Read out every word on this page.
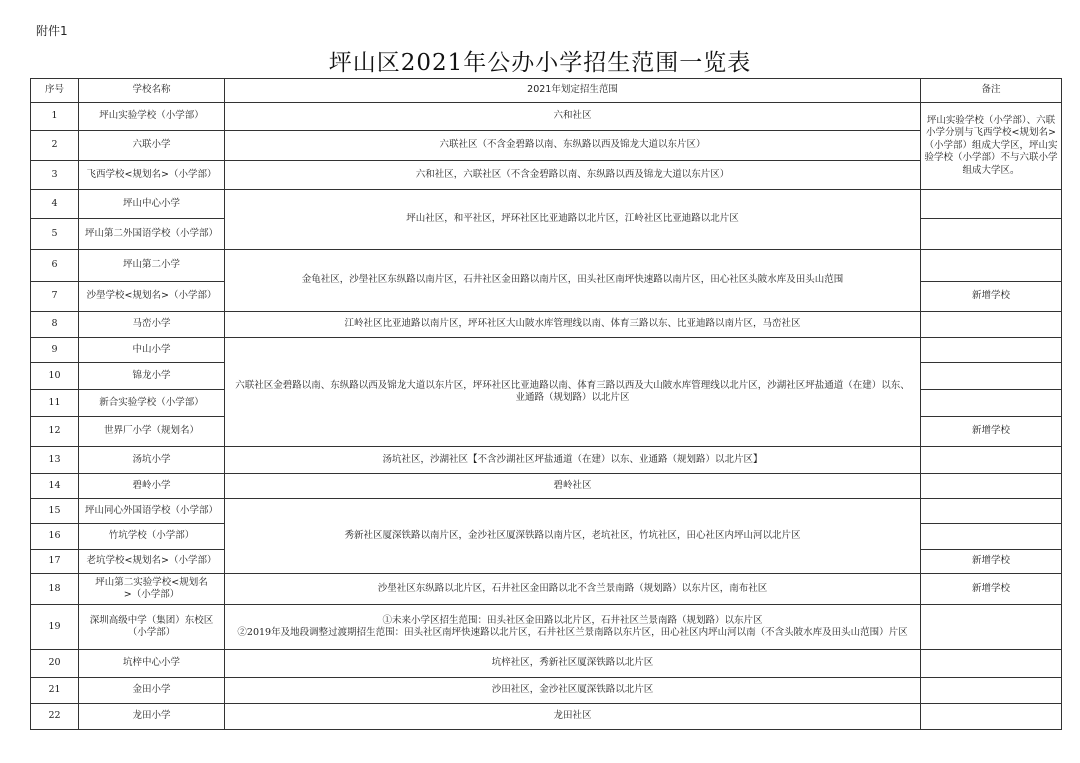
附件1
坪山区2021年公办小学招生范围一览表
序号	学校名称	2021年划定招生范围	备注
1	坪山实验学校（小学部）	六和社区	坪山实验学校（小学部）、六联小学分别与飞西学校<规划名>（小学部）组成大学区，坪山实验学校（小学部）不与六联小学组成大学区。
2	六联小学	六联社区（不含金碧路以南、东纵路以西及锦龙大道以东片区）	
3	飞西学校<规划名>（小学部）	六和社区，六联社区（不含金碧路以南、东纵路以西及锦龙大道以东片区）	
4	坪山中心小学	坪山社区，和平社区，坪环社区比亚迪路以北片区，江岭社区比亚迪路以北片区	
5	坪山第二外国语学校（小学部）		
6	坪山第二小学	金龟社区，沙壆社区东纵路以南片区，石井社区金田路以南片区，田头社区南坪快速路以南片区，田心社区头陂水库及田头山范围	
7	沙壆学校<规划名>（小学部）		新增学校
8	马峦小学	江岭社区比亚迪路以南片区，坪环社区大山陂水库管理线以南、体育三路以东、比亚迪路以南片区，马峦社区	
9	中山小学	六联社区金碧路以南、东纵路以西及锦龙大道以东片区，坪环社区比亚迪路以南、体育三路以西及大山陂水库管理线以北片区，沙湖社区坪盐通道（在建）以东、业通路（规划路）以北片区	
10	锦龙小学		
11	新合实验学校（小学部）		
12	世界厂小学（规划名）		新增学校
13	汤坑小学	汤坑社区，沙湖社区【不含沙湖社区坪盐通道（在建）以东、业通路（规划路）以北片区】	
14	碧岭小学	碧岭社区	
15	坪山同心外国语学校（小学部）	秀新社区厦深铁路以南片区，金沙社区厦深铁路以南片区，老坑社区，竹坑社区，田心社区内坪山河以北片区	
16	竹坑学校（小学部）		
17	老坑学校<规划名>（小学部）		新增学校
18	坪山第二实验学校<规划名>（小学部）	沙壆社区东纵路以北片区，石井社区金田路以北不含兰景南路（规划路）以东片区，南布社区	新增学校
19	深圳高级中学（集团）东校区（小学部）	①未来小学区招生范围：田头社区金田路以北片区，石井社区兰景南路（规划路）以东片区
②2019年及地段调整过渡期招生范围：田头社区南坪快速路以北片区，石井社区兰景南路以东片区，田心社区内坪山河以南（不含头陂水库及田头山范围）片区	
20	坑梓中心小学	坑梓社区，秀新社区厦深铁路以北片区	
21	金田小学	沙田社区，金沙社区厦深铁路以北片区	
22	龙田小学	龙田社区	
